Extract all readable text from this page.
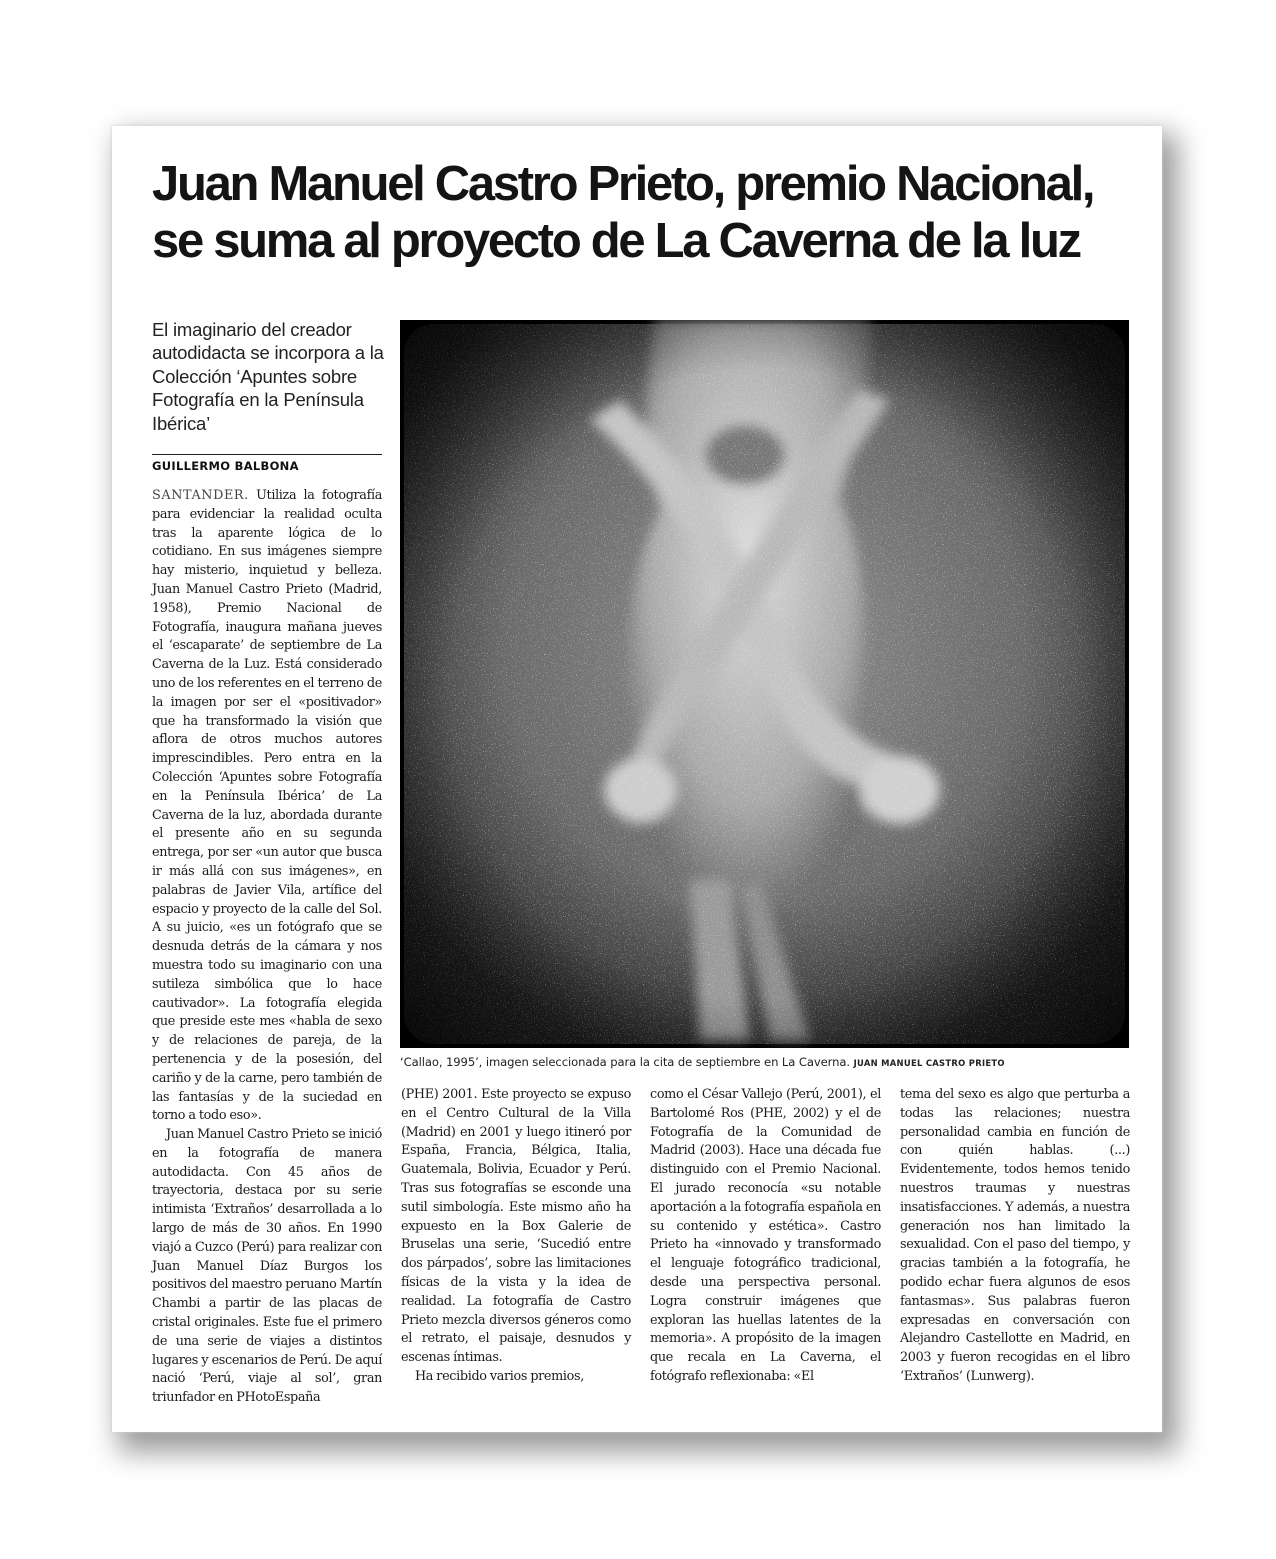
Juan Manuel Castro Prieto, premio Nacional,
se suma al proyecto de La Caverna de la luz
El imaginario del creador autodidacta se incorpora a la Colección ‘Apuntes sobre Fotografía en la Península Ibérica’
GUILLERMO BALBONA

SANTANDER. Utiliza la fotografía para evidenciar la realidad oculta tras la aparente lógica de lo cotidiano. En sus imágenes siempre hay misterio, inquietud y belleza. Juan Manuel Castro Prieto (Madrid, 1958), Premio Nacional de Fotografía, inaugura mañana jueves el ‘escaparate’ de septiembre de La Caverna de la Luz. Está considerado uno de los referentes en el terreno de la imagen por ser el «positivador» que ha transformado la visión que aflora de otros muchos autores imprescindibles. Pero entra en la Colección ‘Apuntes sobre Fotografía en la Península Ibérica’ de La Caverna de la luz, abordada durante el presente año en su segunda entrega, por ser «un autor que busca ir más allá con sus imágenes», en palabras de Javier Vila, artífice del espacio y proyecto de la calle del Sol. A su juicio, «es un fotógrafo que se desnuda detrás de la cámara y nos muestra todo su imaginario con una sutileza simbólica que lo hace cautivador». La fotografía elegida que preside este mes «habla de sexo y de relaciones de pareja, de la pertenencia y de la posesión, del cariño y de la carne, pero también de las fantasías y de la suciedad en torno a todo eso».

Juan Manuel Castro Prieto se inició en la fotografía de manera autodidacta. Con 45 años de trayectoria, destaca por su serie intimista ‘Extraños’ desarrollada a lo largo de más de 30 años. En 1990 viajó a Cuzco (Perú) para realizar con Juan Manuel Díaz Burgos los positivos del maestro peruano Martín Chambi a partir de las placas de cristal originales. Este fue el primero de una serie de viajes a distintos lugares y escenarios de Perú. De aquí nació ‘Perú, viaje al sol’, gran triunfador en PHotoEspaña

(PHE) 2001. Este proyecto se expuso en el Centro Cultural de la Villa (Madrid) en 2001 y luego itineró por España, Francia, Bélgica, Italia, Guatemala, Bolivia, Ecuador y Perú. Tras sus fotografías se esconde una sutil simbología. Este mismo año ha expuesto en la Box Galerie de Bruselas una serie, ‘Sucedió entre dos párpados’, sobre las limitaciones físicas de la vista y la idea de realidad. La fotografía de Castro Prieto mezcla diversos géneros como el retrato, el paisaje, desnudos y escenas íntimas.

Ha recibido varios premios,

como el César Vallejo (Perú, 2001), el Bartolomé Ros (PHE, 2002) y el de Fotografía de la Comunidad de Madrid (2003). Hace una década fue distinguido con el Premio Nacional. El jurado reconocía «su notable aportación a la fotografía española en su contenido y estética». Castro Prieto ha «innovado y transformado el lenguaje fotográfico tradicional, desde una perspectiva personal. Logra construir imágenes que exploran las huellas latentes de la memoria». A propósito de la imagen que recala en La Caverna, el fotógrafo reflexionaba: «El

tema del sexo es algo que perturba a todas las relaciones; nuestra personalidad cambia en función de con quién hablas. (...) Evidentemente, todos hemos tenido nuestros traumas y nuestras insatisfacciones. Y además, a nuestra generación nos han limitado la sexualidad. Con el paso del tiempo, y gracias también a la fotografía, he podido echar fuera algunos de esos fantasmas». Sus palabras fueron expresadas en conversación con Alejandro Castellotte en Madrid, en 2003 y fueron recogidas en el libro ‘Extraños’ (Lunwerg).

‘Callao, 1995’, imagen seleccionada para la cita de septiembre en La Caverna. JUAN MANUEL CASTRO PRIETO
